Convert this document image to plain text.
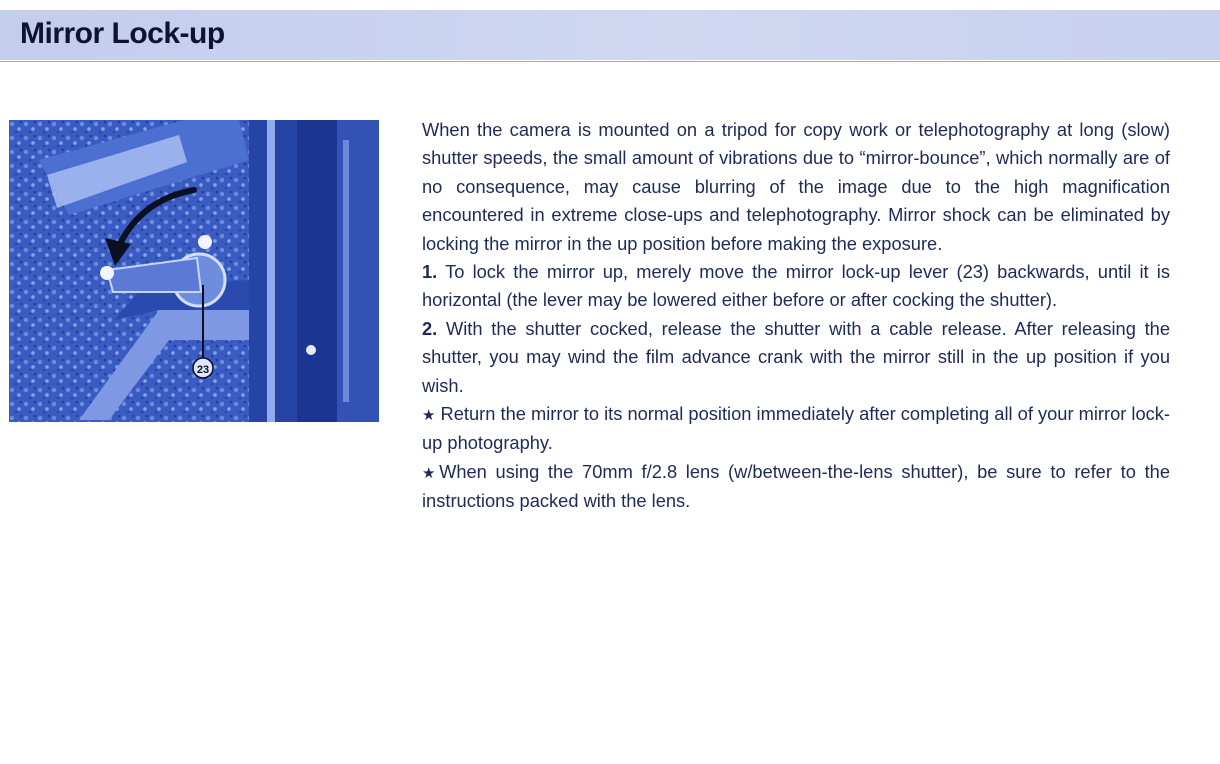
Mirror Lock-up
23

When the camera is mounted on a tripod for copy work or telephotography at long (slow) shutter speeds, the small amount of vibrations due to “mirror-bounce”, which normally are of no consequence, may cause blurring of the image due to the high magnification encountered in extreme close-ups and telephotography. Mirror shock can be eliminated by locking the mirror in the up position before making the exposure.

1. To lock the mirror up, merely move the mirror lock-up lever (23) backwards, until it is horizontal (the lever may be lowered either before or after cocking the shutter).

2. With the shutter cocked, release the shutter with a cable release. After releasing the shutter, you may wind the film advance crank with the mirror still in the up position if you wish.

★ Return the mirror to its normal position immediately after completing all of your mirror lock-up photography.

★When using the 70mm f/2.8 lens (w/between-the-lens shutter), be sure to refer to the instructions packed with the lens.
